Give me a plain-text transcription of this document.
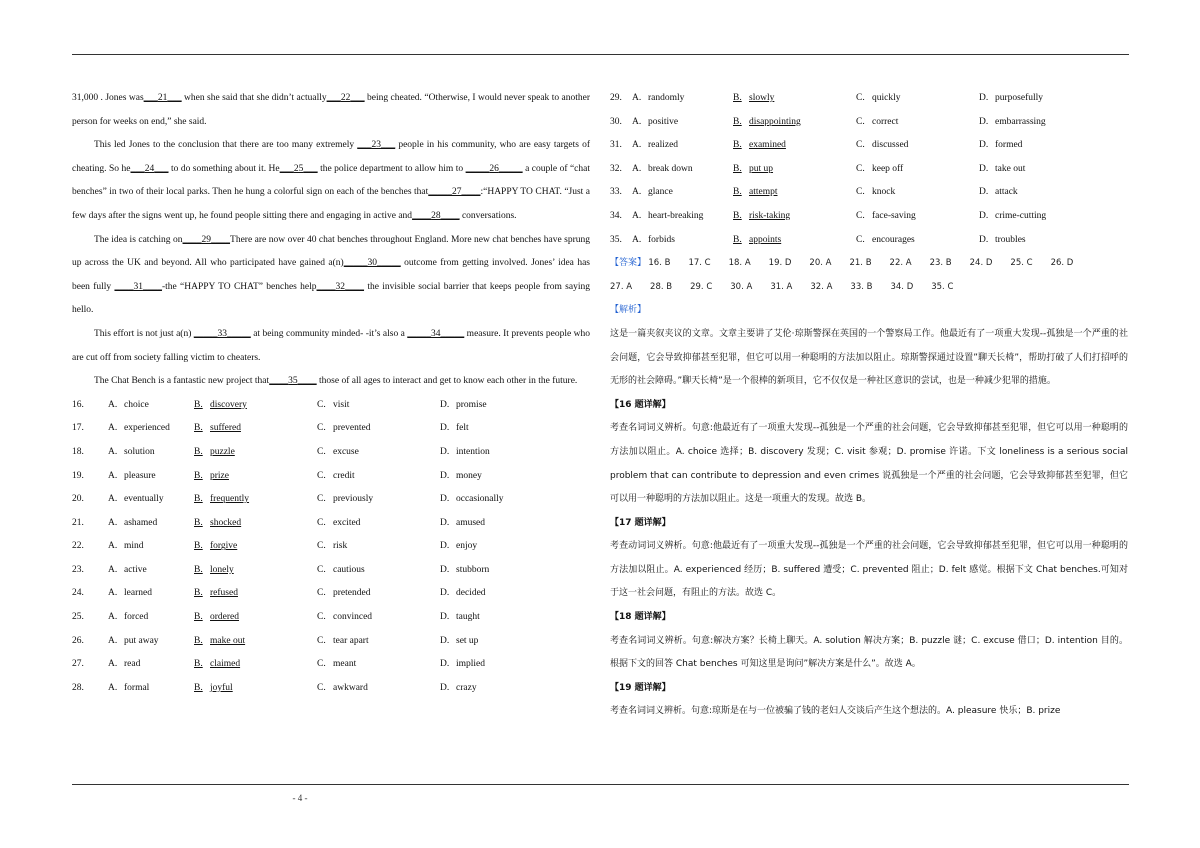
31,000 . Jones was___21___ when she said that she didn’t actually___22___ being cheated. “Otherwise, I would never speak to another person for weeks on end,” she said.

This led Jones to the conclusion that there are too many extremely ___23___ people in his community, who are easy targets of cheating. So he___24___ to do something about it. He___25___ the police department to allow him to _____26_____ a couple of “chat benches” in two of their local parks. Then he hung a colorful sign on each of the benches that_____27____:“HAPPY TO CHAT. “Just a few days after the signs went up, he found people sitting there and engaging in active and____28____ conversations.

The idea is catching on____29____There are now over 40 chat benches throughout England. More new chat benches have sprung up across the UK and beyond. All who participated have gained a(n)_____30_____ outcome from getting involved. Jones’ idea has been fully ____31____-the “HAPPY TO CHAT” benches help____32____ the invisible social barrier that keeps people from saying hello.

This effort is not just a(n) _____33_____ at being community minded- -it’s also a _____34_____ measure. It prevents people who are cut off from society falling victim to cheaters.

The Chat Bench is a fantastic new project that____35____ those of all ages to interact and get to know each other in the future.

16.	A. choice	B. discovery	C. visit	D. promise
17.	A. experienced	B. suffered	C. prevented	D. felt
18.	A. solution	B. puzzle	C. excuse	D. intention
19.	A. pleasure	B. prize	C. credit	D. money
20.	A. eventually	B. frequently	C. previously	D. occasionally
21.	A. ashamed	B. shocked	C. excited	D. amused
22.	A. mind	B. forgive	C. risk	D. enjoy
23.	A. active	B. lonely	C. cautious	D. stubborn
24.	A. learned	B. refused	C. pretended	D. decided
25.	A. forced	B. ordered	C. convinced	D. taught
26.	A. put away	B. make out	C. tear apart	D. set up
27.	A. read	B. claimed	C. meant	D. implied
28.	A. formal	B. joyful	C. awkward	D. crazy
29.	A. randomly	B. slowly	C. quickly	D. purposefully
30.	A. positive	B. disappointing	C. correct	D. embarrassing
31.	A. realized	B. examined	C. discussed	D. formed
32.	A. break down	B. put up	C. keep off	D. take out
33.	A. glance	B. attempt	C. knock	D. attack
34.	A. heart-breaking	B. risk-taking	C. face-saving	D. crime-cutting
35.	A. forbids	B. appoints	C. encourages	D. troubles
【答案】 16. B 17. C 18. A 19. D 20. A 21. B 22. A 23. B 24. D 25. C 26. D
27. A 28. B 29. C 30. A 31. A 32. A 33. B 34. D 35. C
【解析】

这是一篇夹叙夹议的文章。文章主要讲了艾伦·琼斯警探在英国的一个警察局工作。他最近有了一项重大发现--孤独是一个严重的社会问题，它会导致抑郁甚至犯罪，但它可以用一种聪明的方法加以阻止。琼斯警探通过设置”聊天长椅”，帮助打破了人们打招呼的无形的社会障碍。”聊天长椅”是一个很棒的新项目，它不仅仅是一种社区意识的尝试，也是一种减少犯罪的措施。

【16 题详解】

考查名词词义辨析。句意:他最近有了一项重大发现--孤独是一个严重的社会问题，它会导致抑郁甚至犯罪，但它可以用一种聪明的方法加以阻止。A. choice 选择；B. discovery 发现；C. visit 参观；D. promise 许诺。下文 loneliness is a serious social problem that can contribute to depression and even crimes 说孤独是一个严重的社会问题，它会导致抑郁甚至犯罪，但它可以用一种聪明的方法加以阻止。这是一项重大的发现。故选 B。

【17 题详解】

考查动词词义辨析。句意:他最近有了一项重大发现--孤独是一个严重的社会问题，它会导致抑郁甚至犯罪，但它可以用一种聪明的方法加以阻止。A. experienced 经历；B. suffered 遭受；C. prevented 阻止；D. felt 感觉。根据下文 Chat benches.可知对于这一社会问题，有阻止的方法。故选 C。

【18 题详解】

考查名词词义辨析。句意:解决方案？长椅上聊天。A. solution 解决方案；B. puzzle 谜；C. excuse 借口；D. intention 目的。根据下文的回答 Chat benches 可知这里是询问”解决方案是什么”。故选 A。

【19 题详解】

考查名词词义辨析。句意:琼斯是在与一位被骗了钱的老妇人交谈后产生这个想法的。A. pleasure 快乐；B. prize

- 4 -
